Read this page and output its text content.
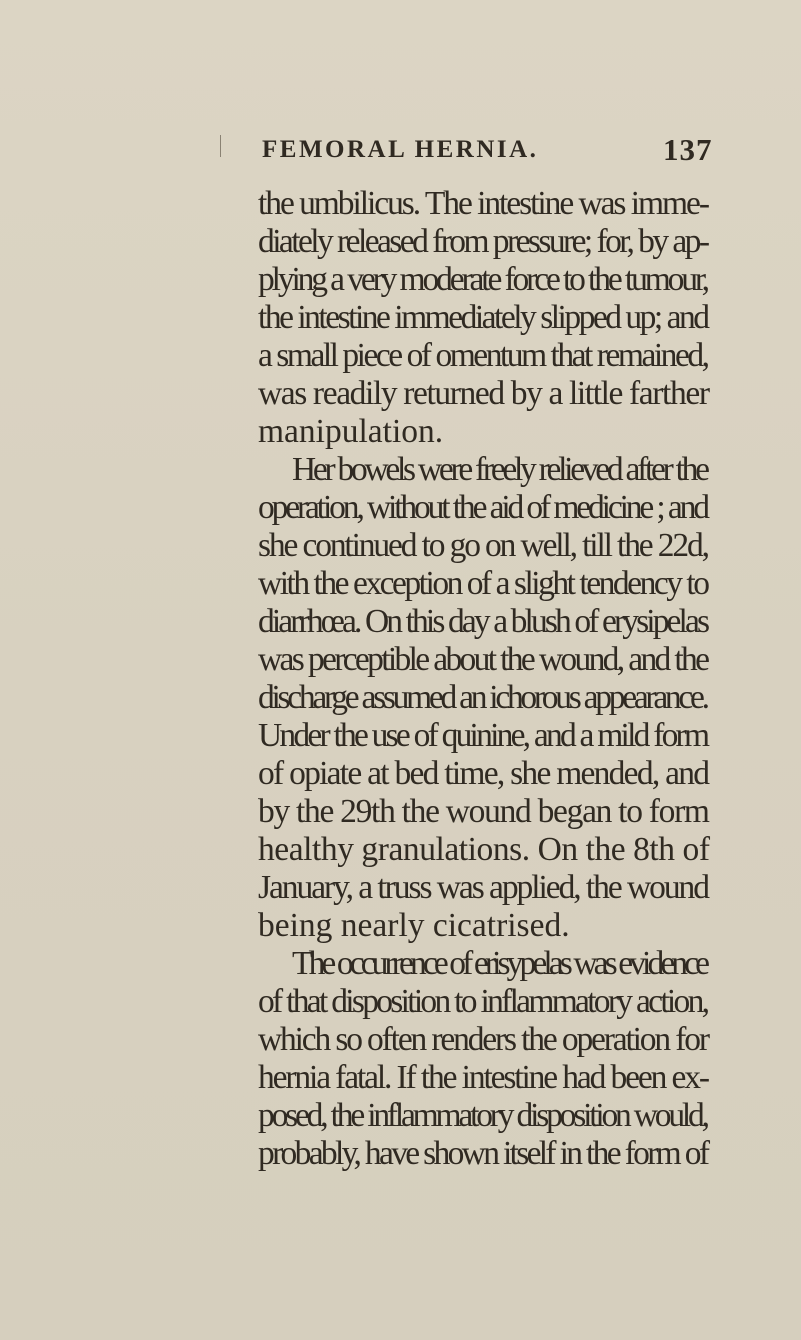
FEMORAL HERNIA.	137
the umbilicus. The intestine was imme-
diately released from pressure; for, by ap-
plying a very moderate force to the tumour,
the intestine immediately slipped up; and
a small piece of omentum that remained,
was readily returned by a little farther
manipulation.
Her bowels were freely relieved after the
operation, without the aid of medicine ; and
she continued to go on well, till the 22d,
with the exception of a slight tendency to
diarrhœa. On this day a blush of erysipelas
was perceptible about the wound, and the
discharge assumed an ichorous appearance.
Under the use of quinine, and a mild form
of opiate at bed time, she mended, and
by the 29th the wound began to form
healthy granulations. On the 8th of
January, a truss was applied, the wound
being nearly cicatrised.
The occurrence of erisypelas was evidence
of that disposition to inflammatory action,
which so often renders the operation for
hernia fatal. If the intestine had been ex-
posed, the inflammatory disposition would,
probably, have shown itself in the form of
